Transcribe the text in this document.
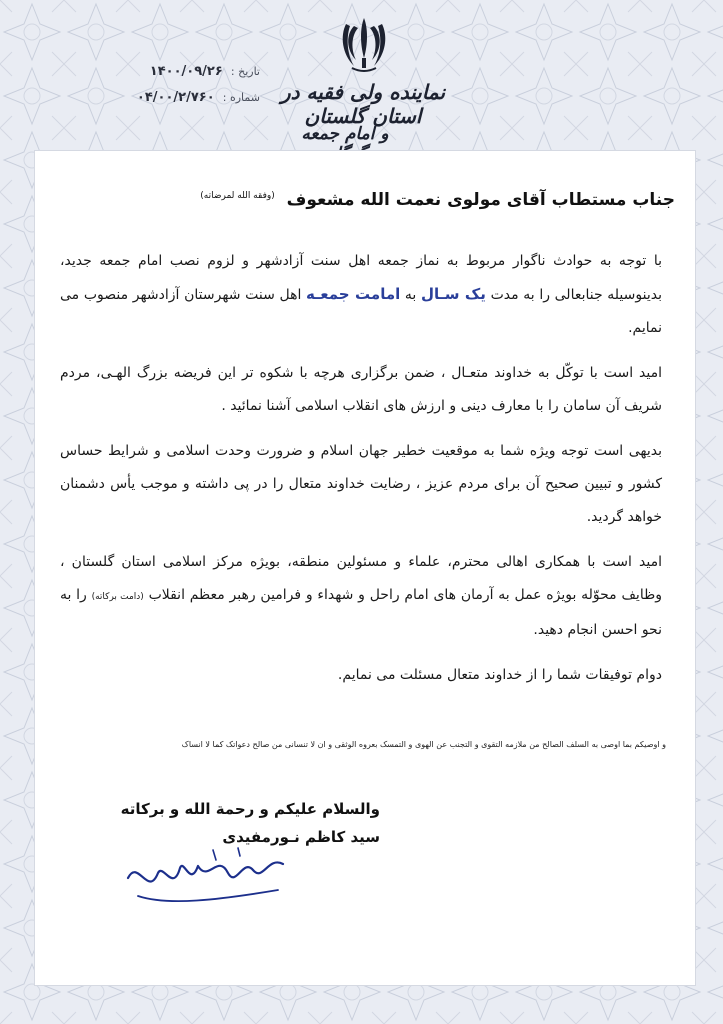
نماینده ولی فقیه در استان گلستان
و امام جمعه
تاریخ : ۱۴۰۰/۰۹/۲۶
شماره : ۰۴/۰۰/۲/۷۶۰
جناب مستطاب آقای مولوی نعمت الله مشعوف $^{(وفقه الله لمرضاته)}$

با توجه به حوادث ناگوار مربوط به نماز جمعه اهل سنت آزادشهر و لزوم نصب امام جمعه جدید، بدینوسیله جنابعالی را به مدت یک سـال به امامت جمعـه اهل سنت شهرستان آزادشهر منصوب می نمایم.

امید است با توکّل به خداوند متعـال ، ضمن برگزاری هرچه با شکوه تر این فریضه بزرگ الهـی، مردم شریف آن سامان را با معارف دینی و ارزش های انقلاب اسلامی آشنا نمائید .

بدیهی است توجه ویژه شما به موقعیت خطیر جهان اسلام و ضرورت وحدت اسلامی و شرایط حساس کشور و تبیین صحیح آن برای مردم عزیز ، رضایت خداوند متعال را در پی داشته و موجب یأس دشمنان خواهد گردید.

امید است با همکاری اهالی محترم، علماء و مسئولین منطقه، بویژه مرکز اسلامی استان گلستان ، وظایف محوّله بویژه عمل به آرمان های امام راحل و شهداء و فرامین رهبر معظم انقلاب (دامت برکاته) را به نحو احسن انجام دهید.

دوام توفیقات شما را از خداوند متعال مسئلت می نمایم.

و اوصیکم بما اوصی به السلف الصالح من ملازمه التقوی و التجنب عن الهوی و التمسک بعروه الوثقی و ان لا تنسانی من صالح دعواتک کما لا انساک
والسلام علیکم و رحمة الله و برکاته
سید کاظم نـورمفیدی
